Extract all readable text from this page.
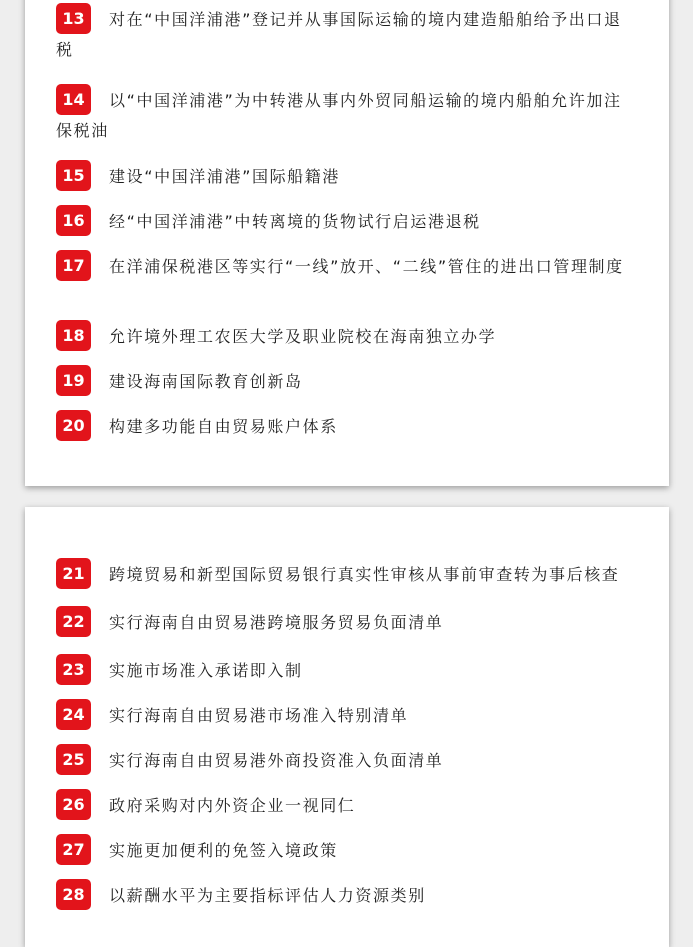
13 对在“中国洋浦港”登记并从事国际运输的境内建造船舶给予出口退税
14 以“中国洋浦港”为中转港从事内外贸同船运输的境内船舶允许加注保税油
15 建设“中国洋浦港”国际船籍港
16 经“中国洋浦港”中转离境的货物试行启运港退税
17 在洋浦保税港区等实行“一线”放开、“二线”管住的进出口管理制度
18 允许境外理工农医大学及职业院校在海南独立办学
19 建设海南国际教育创新岛
20 构建多功能自由贸易账户体系
21 跨境贸易和新型国际贸易银行真实性审核从事前审查转为事后核查
22 实行海南自由贸易港跨境服务贸易负面清单
23 实施市场准入承诺即入制
24 实行海南自由贸易港市场准入特别清单
25 实行海南自由贸易港外商投资准入负面清单
26 政府采购对内外资企业一视同仁
27 实施更加便利的免签入境政策
28 以薪酬水平为主要指标评估人力资源类别
